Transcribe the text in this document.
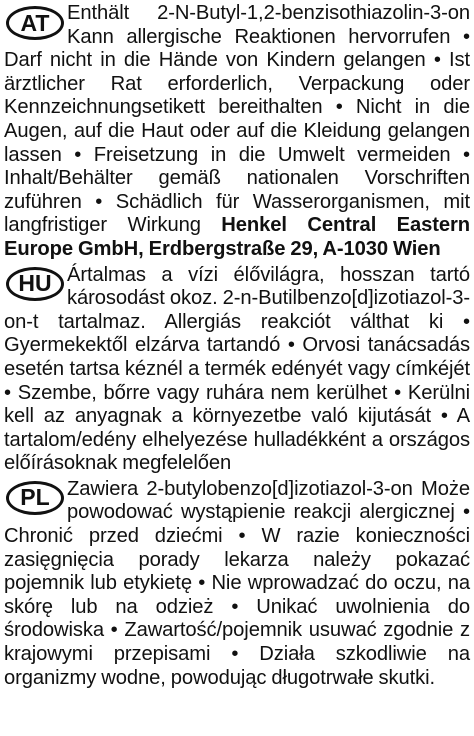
AT Enthält 2-N-Butyl-1,2-benzisothiazolin-3-on Kann allergische Reaktionen hervorrufen • Darf nicht in die Hände von Kindern gelangen • Ist ärztlicher Rat erforderlich, Verpackung oder Kennzeichnungsetikett bereithalten • Nicht in die Augen, auf die Haut oder auf die Kleidung gelangen lassen • Freisetzung in die Umwelt vermeiden • Inhalt/Behälter gemäß nationalen Vorschriften zuführen • Schädlich für Wasserorganismen, mit langfristiger Wirkung Henkel Central Eastern Europe GmbH, Erdbergstraße 29, A-1030 Wien
HU Ártalmas a vízi élővilágra, hosszan tartó károsodást okoz. 2-n-Butilbenzo[d]izotiazol-3-on-t tartalmaz. Allergiás reakciót válthat ki • Gyermekektől elzárva tartandó • Orvosi tanácsadás esetén tartsa kéznél a termék edényét vagy címkéjét • Szembe, bőrre vagy ruhára nem kerülhet • Kerülni kell az anyagnak a környezetbe való kijutását • A tartalom/edény elhelyezése hulladékként a országos előírásoknak megfelelően
PL Zawiera 2-butylobenzo[d]izotiazol-3-on Może powodować wystąpienie reakcji alergicznej • Chronić przed dziećmi • W razie konieczności zasięgnięcia porady lekarza należy pokazać pojemnik lub etykietę • Nie wprowadzać do oczu, na skórę lub na odzież • Unikać uwolnienia do środowiska • Zawartość/pojemnik usuwać zgodnie z krajowymi przepisami • Działa szkodliwie na organizmy wodne, powodując długotrwałe skutki.
